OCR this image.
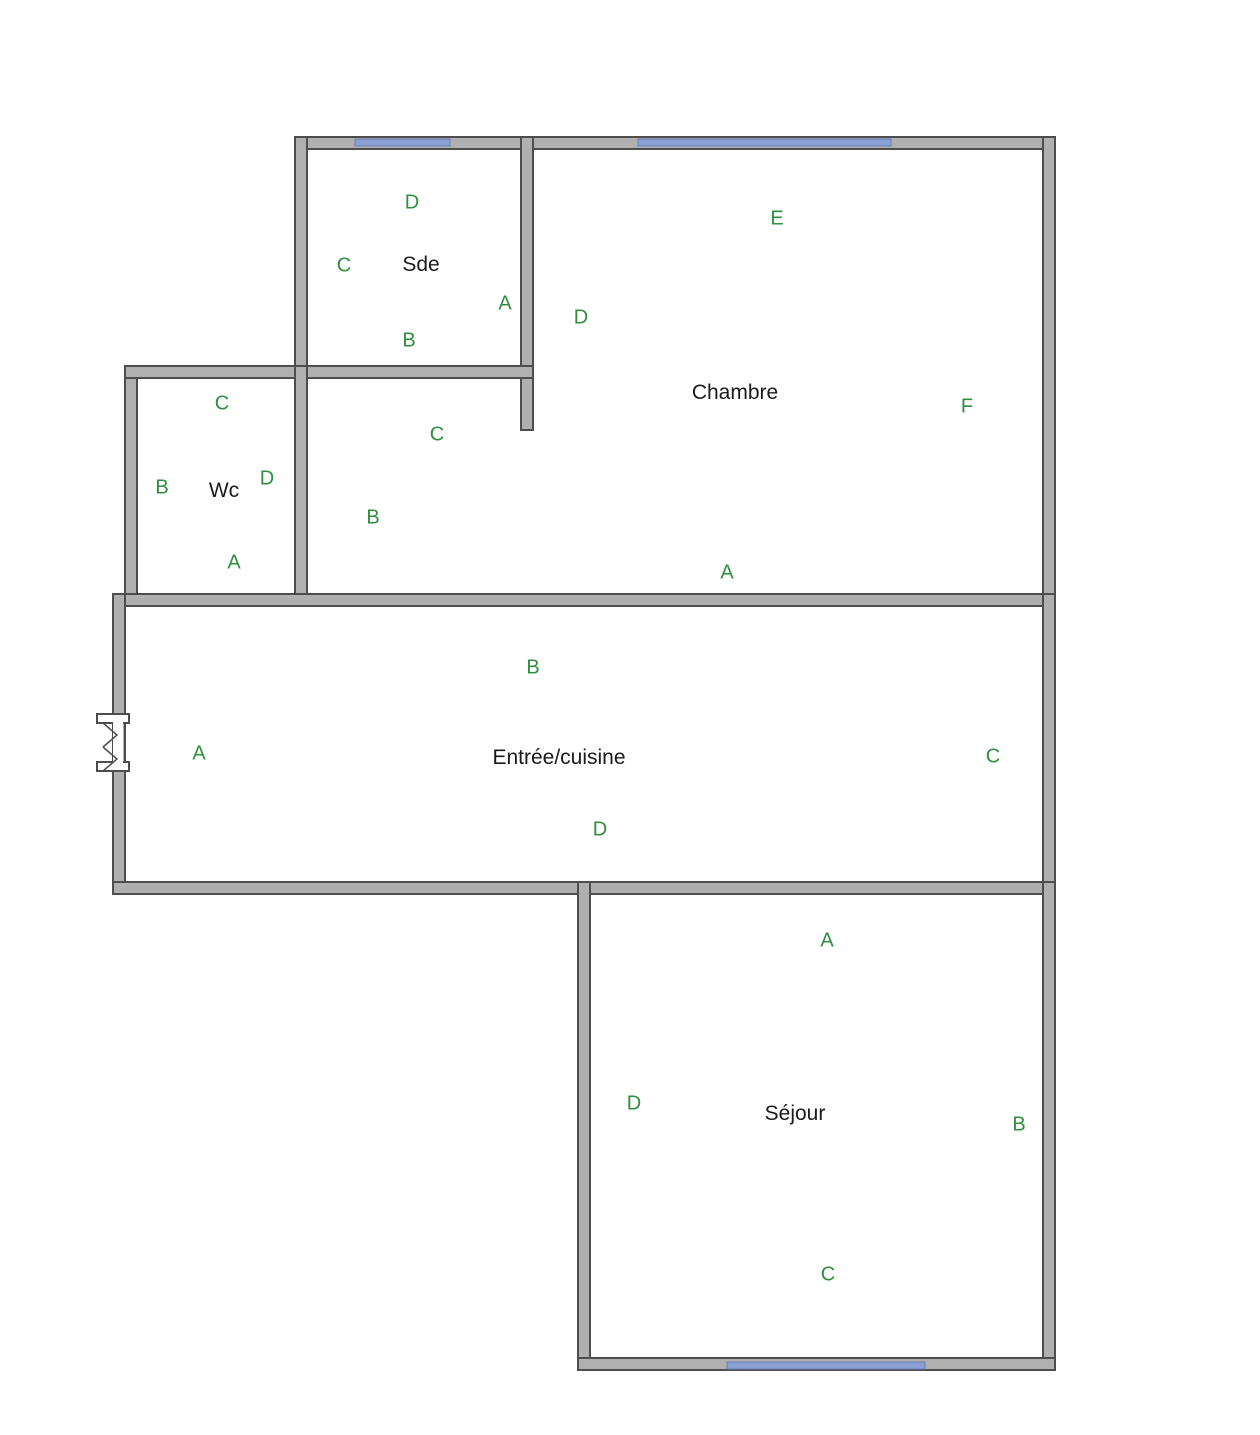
Sde
Wc
Chambre
Entrée/cuisine
Séjour
D
C
A
B
E
D
F
C
C
B	D
B
A	A
B
A	C
D
A
D
B
C
